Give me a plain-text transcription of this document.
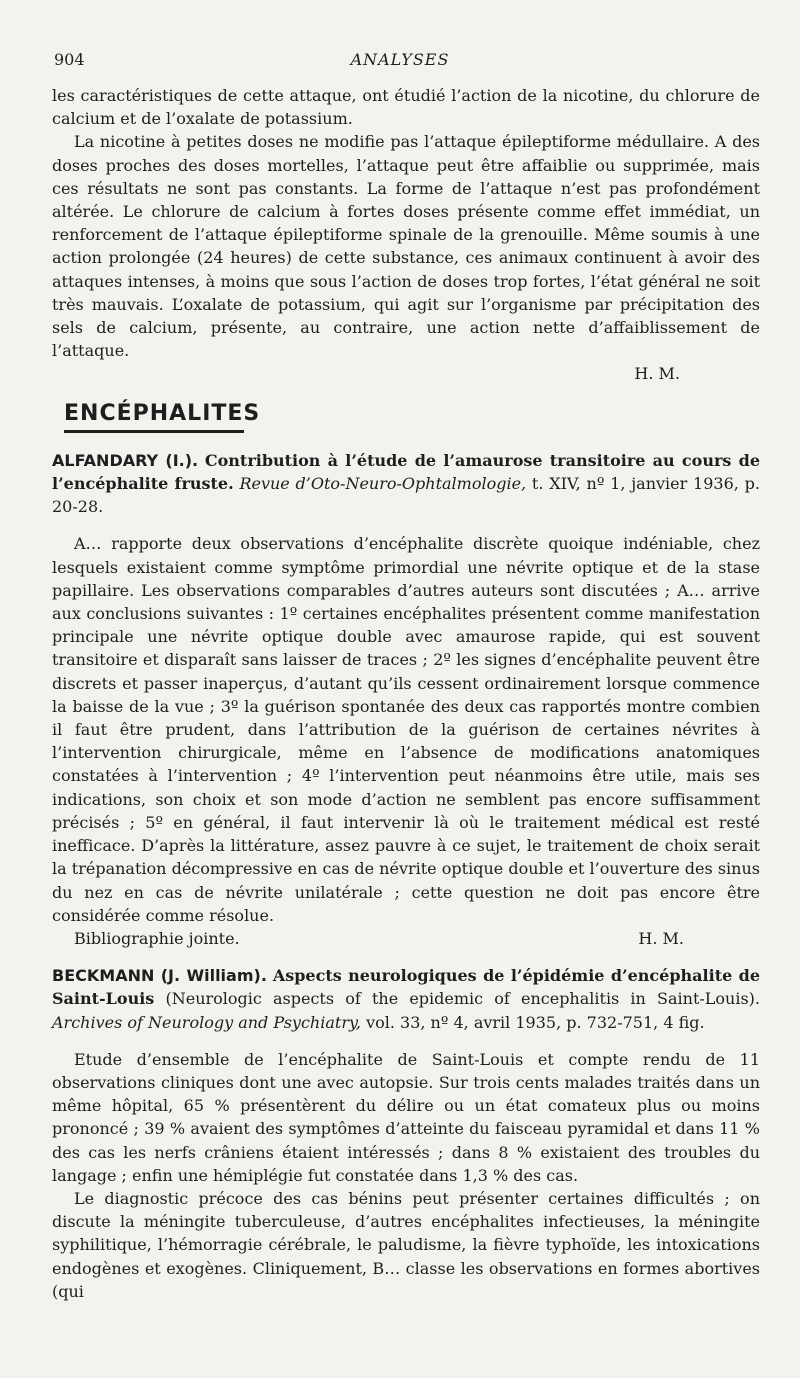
904	ANALYSES

les caractéristiques de cette attaque, ont étudié l’action de la nicotine, du chlorure de calcium et de l’oxalate de potassium.

La nicotine à petites doses ne modifie pas l’attaque épileptiforme médullaire. A des doses proches des doses mortelles, l’attaque peut être affaiblie ou supprimée, mais ces résultats ne sont pas constants. La forme de l’attaque n’est pas profondément altérée. Le chlorure de calcium à fortes doses présente comme effet immédiat, un renforcement de l’attaque épileptiforme spinale de la grenouille. Même soumis à une action prolongée (24 heures) de cette substance, ces animaux continuent à avoir des attaques intenses, à moins que sous l’action de doses trop fortes, l’état général ne soit très mauvais. L’oxalate de potassium, qui agit sur l’organisme par précipitation des sels de calcium, présente, au contraire, une action nette d’affaiblissement de l’attaque.

H. M.

ENCÉPHALITES

ALFANDARY (I.). Contribution à l’étude de l’amaurose transitoire au cours de l’encéphalite fruste. Revue d’Oto-Neuro-Ophtalmologie, t. XIV, nº 1, janvier 1936, p. 20-28.

A… rapporte deux observations d’encéphalite discrète quoique indéniable, chez lesquels existaient comme symptôme primordial une névrite optique et de la stase papillaire. Les observations comparables d’autres auteurs sont discutées ; A… arrive aux conclusions suivantes : 1º certaines encéphalites présentent comme manifestation principale une névrite optique double avec amaurose rapide, qui est souvent transitoire et disparaît sans laisser de traces ; 2º les signes d’encéphalite peuvent être discrets et passer inaperçus, d’autant qu’ils cessent ordinairement lorsque commence la baisse de la vue ; 3º la guérison spontanée des deux cas rapportés montre combien il faut être prudent, dans l’attribution de la guérison de certaines névrites à l’intervention chirurgicale, même en l’absence de modifications anatomiques constatées à l’intervention ; 4º l’intervention peut néanmoins être utile, mais ses indications, son choix et son mode d’action ne semblent pas encore suffisamment précisés ; 5º en général, il faut intervenir là où le traitement médical est resté inefficace. D’après la littérature, assez pauvre à ce sujet, le traitement de choix serait la trépanation décompressive en cas de névrite optique double et l’ouverture des sinus du nez en cas de névrite unilatérale ; cette question ne doit pas encore être considérée comme résolue.

Bibliographie jointe.	H. M.

BECKMANN (J. William). Aspects neurologiques de l’épidémie d’encéphalite de Saint-Louis (Neurologic aspects of the epidemic of encephalitis in Saint-Louis). Archives of Neurology and Psychiatry, vol. 33, nº 4, avril 1935, p. 732-751, 4 fig.

Etude d’ensemble de l’encéphalite de Saint-Louis et compte rendu de 11 observations cliniques dont une avec autopsie. Sur trois cents malades traités dans un même hôpital, 65 % présentèrent du délire ou un état comateux plus ou moins prononcé ; 39 % avaient des symptômes d’atteinte du faisceau pyramidal et dans 11 % des cas les nerfs crâniens étaient intéressés ; dans 8 % existaient des troubles du langage ; enfin une hémiplégie fut constatée dans 1,3 % des cas.

Le diagnostic précoce des cas bénins peut présenter certaines difficultés ; on discute la méningite tuberculeuse, d’autres encéphalites infectieuses, la méningite syphilitique, l’hémorragie cérébrale, le paludisme, la fièvre typhoïde, les intoxications endogènes et exogènes. Cliniquement, B… classe les observations en formes abortives (qui
